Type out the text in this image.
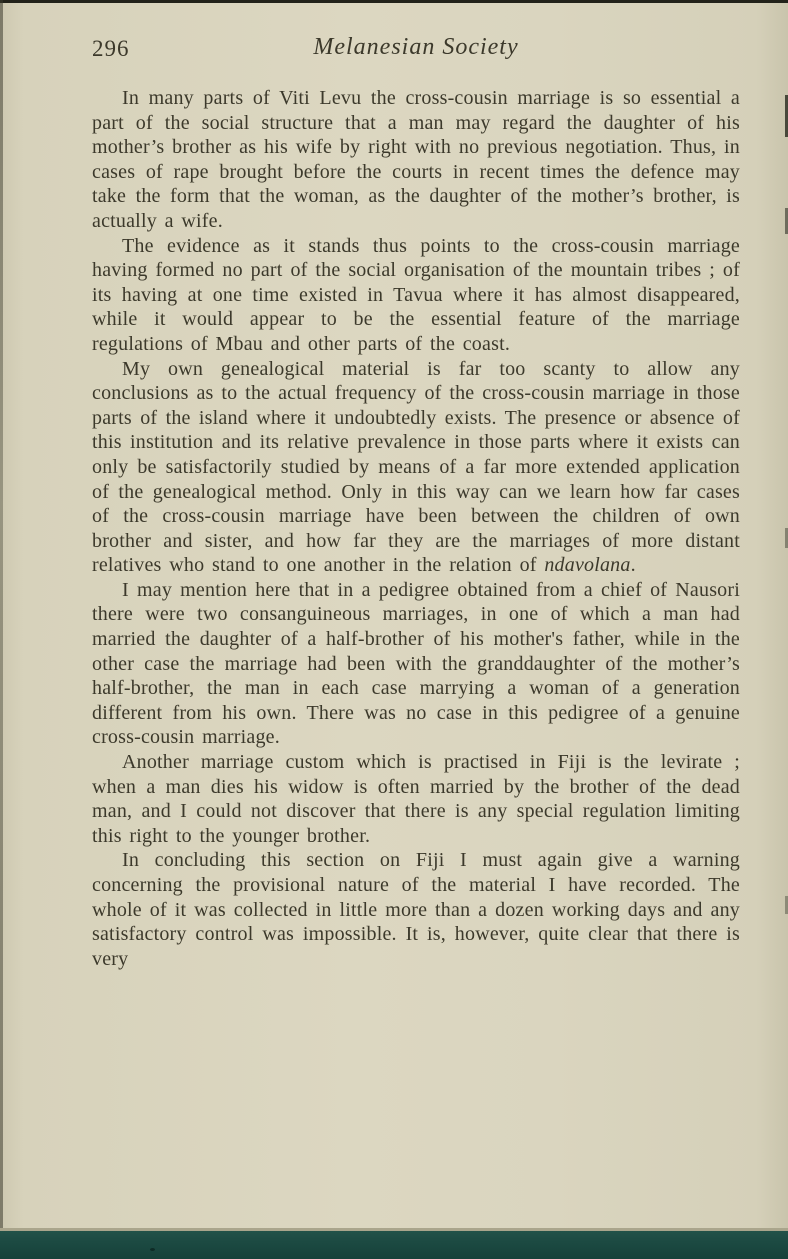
296	Melanesian Society

In many parts of Viti Levu the cross-cousin marriage is so essential a part of the social structure that a man may regard the daughter of his mother’s brother as his wife by right with no previous negotiation. Thus, in cases of rape brought before the courts in recent times the defence may take the form that the woman, as the daughter of the mother’s brother, is actually a wife.

The evidence as it stands thus points to the cross-cousin marriage having formed no part of the social organisation of the mountain tribes ; of its having at one time existed in Tavua where it has almost disappeared, while it would appear to be the essential feature of the marriage regulations of Mbau and other parts of the coast.

My own genealogical material is far too scanty to allow any conclusions as to the actual frequency of the cross-cousin marriage in those parts of the island where it undoubtedly exists. The presence or absence of this institution and its relative prevalence in those parts where it exists can only be satisfactorily studied by means of a far more extended application of the genealogical method. Only in this way can we learn how far cases of the cross-cousin marriage have been between the children of own brother and sister, and how far they are the marriages of more distant relatives who stand to one another in the relation of ndavolana.

I may mention here that in a pedigree obtained from a chief of Nausori there were two consanguineous marriages, in one of which a man had married the daughter of a half-brother of his mother's father, while in the other case the marriage had been with the granddaughter of the mother’s half-brother, the man in each case marrying a woman of a generation different from his own. There was no case in this pedigree of a genuine cross-cousin marriage.

Another marriage custom which is practised in Fiji is the levirate ; when a man dies his widow is often married by the brother of the dead man, and I could not discover that there is any special regulation limiting this right to the younger brother.

In concluding this section on Fiji I must again give a warning concerning the provisional nature of the material I have recorded. The whole of it was collected in little more than a dozen working days and any satisfactory control was impossible. It is, however, quite clear that there is very
